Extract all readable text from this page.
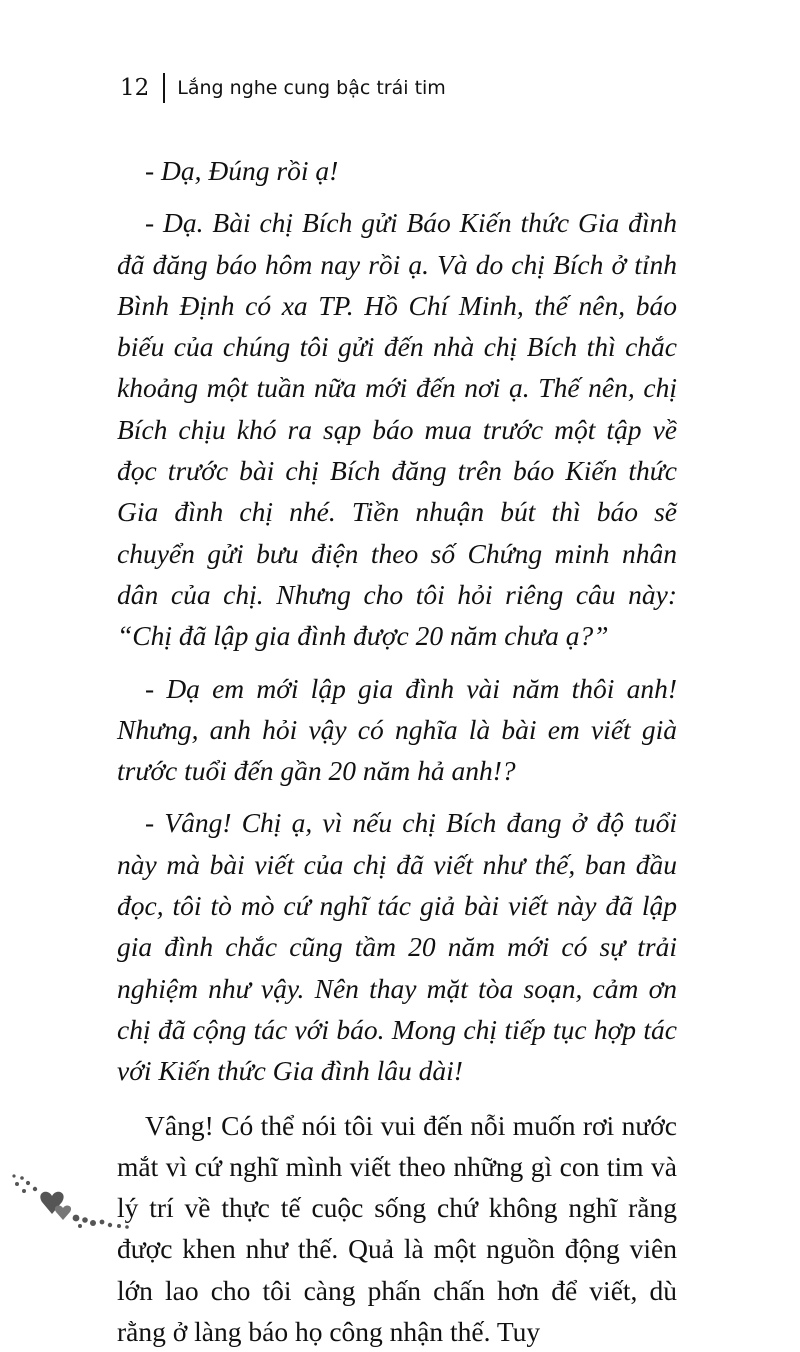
12 Lắng nghe cung bậc trái tim

- Dạ, Đúng rồi ạ!

- Dạ. Bài chị Bích gửi Báo Kiến thức Gia đình đã đăng báo hôm nay rồi ạ. Và do chị Bích ở tỉnh Bình Định có xa TP. Hồ Chí Minh, thế nên, báo biếu của chúng tôi gửi đến nhà chị Bích thì chắc khoảng một tuần nữa mới đến nơi ạ. Thế nên, chị Bích chịu khó ra sạp báo mua trước một tập về đọc trước bài chị Bích đăng trên báo Kiến thức Gia đình chị nhé. Tiền nhuận bút thì báo sẽ chuyển gửi bưu điện theo số Chứng minh nhân dân của chị. Nhưng cho tôi hỏi riêng câu này: “Chị đã lập gia đình được 20 năm chưa ạ?”

- Dạ em mới lập gia đình vài năm thôi anh! Nhưng, anh hỏi vậy có nghĩa là bài em viết già trước tuổi đến gần 20 năm hả anh!?

- Vâng! Chị ạ, vì nếu chị Bích đang ở độ tuổi này mà bài viết của chị đã viết như thế, ban đầu đọc, tôi tò mò cứ nghĩ tác giả bài viết này đã lập gia đình chắc cũng tầm 20 năm mới có sự trải nghiệm như vậy. Nên thay mặt tòa soạn, cảm ơn chị đã cộng tác với báo. Mong chị tiếp tục hợp tác với Kiến thức Gia đình lâu dài!

Vâng! Có thể nói tôi vui đến nỗi muốn rơi nước mắt vì cứ nghĩ mình viết theo những gì con tim và lý trí về thực tế cuộc sống chứ không nghĩ rằng được khen như thế. Quả là một nguồn động viên lớn lao cho tôi càng phấn chấn hơn để viết, dù rằng ở làng báo họ công nhận thế. Tuy
